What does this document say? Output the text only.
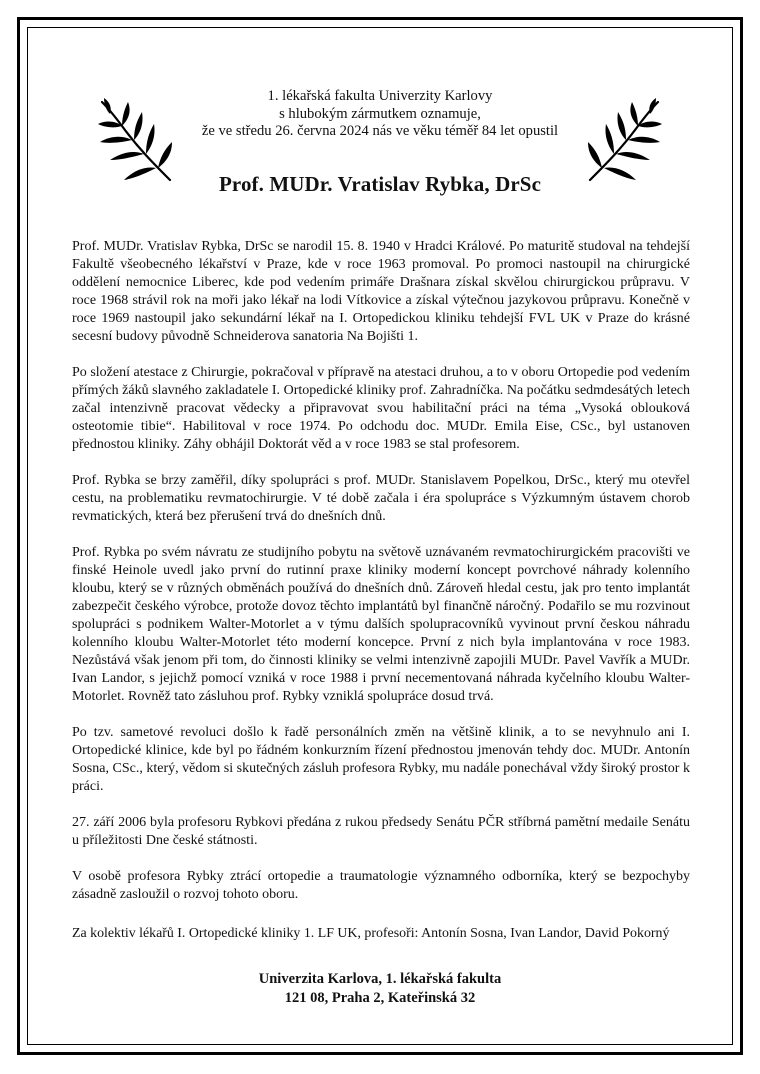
1. lékařská fakulta Univerzity Karlovy
s hlubokým zármutkem oznamuje,
že ve středu 26. června 2024 nás ve věku téměř 84 let opustil
Prof. MUDr. Vratislav Rybka, DrSc

Prof. MUDr. Vratislav Rybka, DrSc se narodil 15. 8. 1940 v Hradci Králové. Po maturitě studoval na tehdejší Fakultě všeobecného lékařství v Praze, kde v roce 1963 promoval. Po promoci nastoupil na chirurgické oddělení nemocnice Liberec, kde pod vedením primáře Drašnara získal skvělou chirurgickou průpravu. V roce 1968 strávil rok na moři jako lékař na lodi Vítkovice a získal výtečnou jazykovou průpravu. Konečně v roce 1969 nastoupil jako sekundární lékař na I. Ortopedickou kliniku tehdejší FVL UK v Praze do krásné secesní budovy původně Schneiderova sanatoria Na Bojišti 1.

Po složení atestace z Chirurgie, pokračoval v přípravě na atestaci druhou, a to v oboru Ortopedie pod vedením přímých žáků slavného zakladatele I. Ortopedické kliniky prof. Zahradníčka. Na počátku sedmdesátých letech začal intenzivně pracovat vědecky a připravovat svou habilitační práci na téma „Vysoká oblouková osteotomie tibie“. Habilitoval v roce 1974. Po odchodu doc. MUDr. Emila Eise, CSc., byl ustanoven přednostou kliniky. Záhy obhájil Doktorát věd a v roce 1983 se stal profesorem.

Prof. Rybka se brzy zaměřil, díky spolupráci s prof. MUDr. Stanislavem Popelkou, DrSc., který mu otevřel cestu, na problematiku revmatochirurgie. V té době začala i éra spolupráce s Výzkumným ústavem chorob revmatických, která bez přerušení trvá do dnešních dnů.

Prof. Rybka po svém návratu ze studijního pobytu na světově uznávaném revmatochirurgickém pracovišti ve finské Heinole uvedl jako první do rutinní praxe kliniky moderní koncept povrchové náhrady kolenního kloubu, který se v různých obměnách používá do dnešních dnů. Zároveň hledal cestu, jak pro tento implantát zabezpečit českého výrobce, protože dovoz těchto implantátů byl finančně náročný. Podařilo se mu rozvinout spolupráci s podnikem Walter-Motorlet a v týmu dalších spolupracovníků vyvinout první českou náhradu kolenního kloubu Walter-Motorlet této moderní koncepce. První z nich byla implantována v roce 1983. Nezůstává však jenom při tom, do činnosti kliniky se velmi intenzivně zapojili MUDr. Pavel Vavřík a MUDr. Ivan Landor, s jejichž pomocí vzniká v roce 1988 i první necementovaná náhrada kyčelního kloubu Walter-Motorlet. Rovněž tato zásluhou prof. Rybky vzniklá spolupráce dosud trvá.

Po tzv. sametové revoluci došlo k řadě personálních změn na většině klinik, a to se nevyhnulo ani I. Ortopedické klinice, kde byl po řádném konkurzním řízení přednostou jmenován tehdy doc. MUDr. Antonín Sosna, CSc., který, vědom si skutečných zásluh profesora Rybky, mu nadále ponechával vždy široký prostor k práci.

27. září 2006 byla profesoru Rybkovi předána z rukou předsedy Senátu PČR stříbrná pamětní medaile Senátu u příležitosti Dne české státnosti.

V osobě profesora Rybky ztrácí ortopedie a traumatologie významného odborníka, který se bezpochyby zásadně zasloužil o rozvoj tohoto oboru.

Za kolektiv lékařů I. Ortopedické kliniky 1. LF UK, profesoři: Antonín Sosna, Ivan Landor, David Pokorný

Univerzita Karlova, 1. lékařská fakulta
121 08, Praha 2, Kateřinská 32
